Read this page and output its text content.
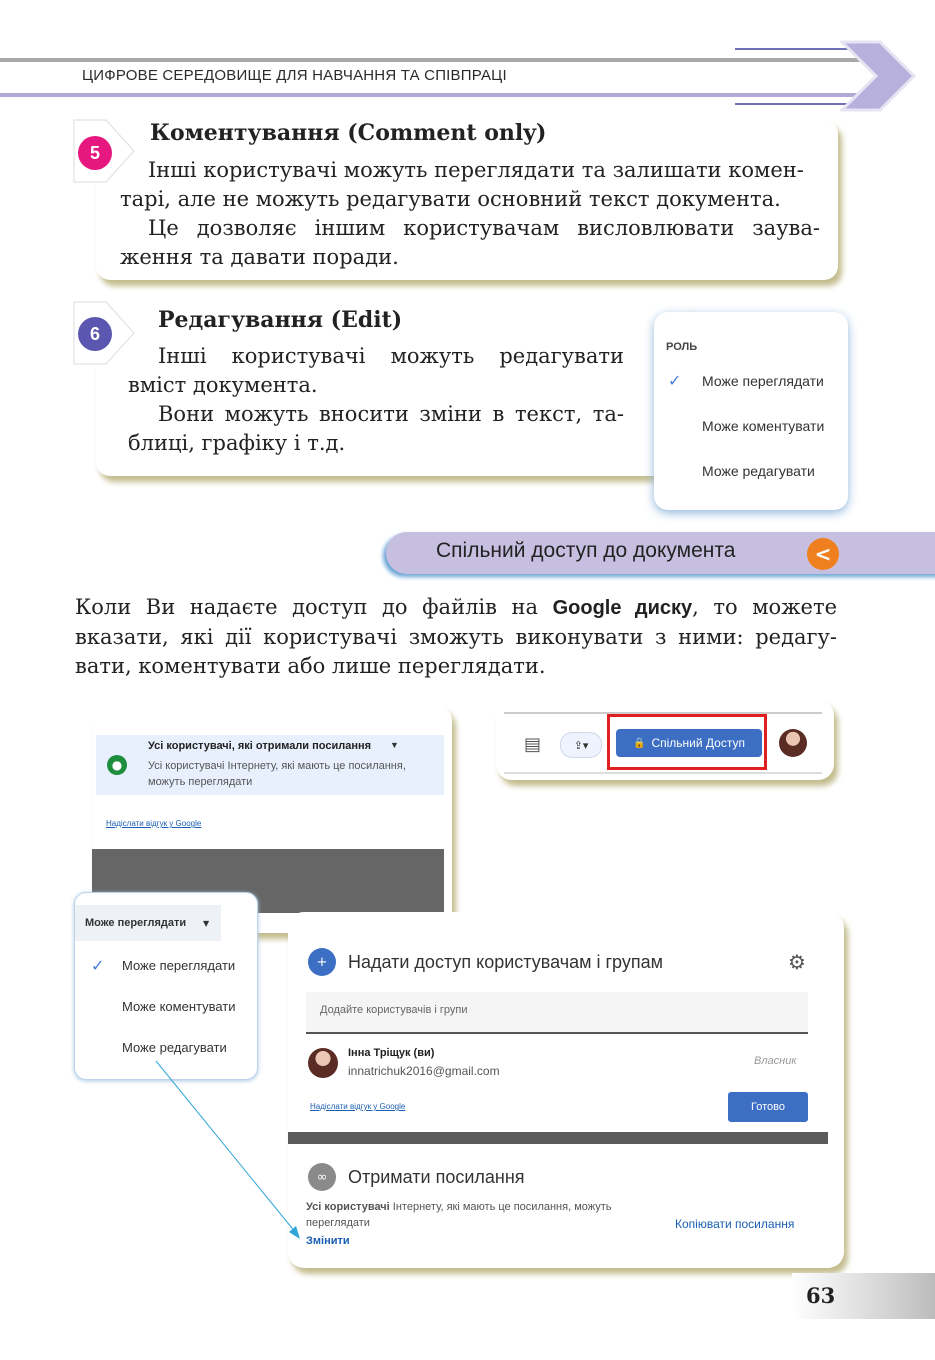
ЦИФРОВЕ СЕРЕДОВИЩЕ ДЛЯ НАВЧАННЯ ТА СПІВПРАЦІ
5
Коментування (Comment only)
Інші користувачі можуть переглядати та залишати комен-
тарі, але не можуть редагувати основний текст документа.
Це дозволяє іншим користувачам висловлювати заува-
ження та давати поради.
6
Редагування (Edit)
Інші користувачі можуть редагувати
вміст документа.
Вони можуть вносити зміни в текст, та-
блиці, графіку і т.д.
РОЛЬ
✓ Може переглядати
Може коментувати
Може редагувати
Спільний доступ до документа	<
Коли Ви надаєте доступ до файлів на Google диску, то можете
вказати, які дії користувачі зможуть виконувати з ними: редагу-
вати, коментувати або лише переглядати.
●
Усі користувачі, які отримали посилання ▼
Усі користувачі Інтернету, які мають це посилання,
можуть переглядати
Надіслати відгук у Google
▤	⇪▾	🔒 Спільний Доступ
+	Надати доступ користувачам і групам	⚙
Додайте користувачів і групи
Інна Тріщук (ви)
innatrichuk2016@gmail.com
Власник
Надіслати відгук у Google	Готово
∞	Отримати посилання
Усі користувачі Інтернету, які мають це посилання, можуть
переглядати
Змінити
Копіювати посилання
Може переглядати ▼
✓ Може переглядати
Може коментувати
Може редагувати
63
